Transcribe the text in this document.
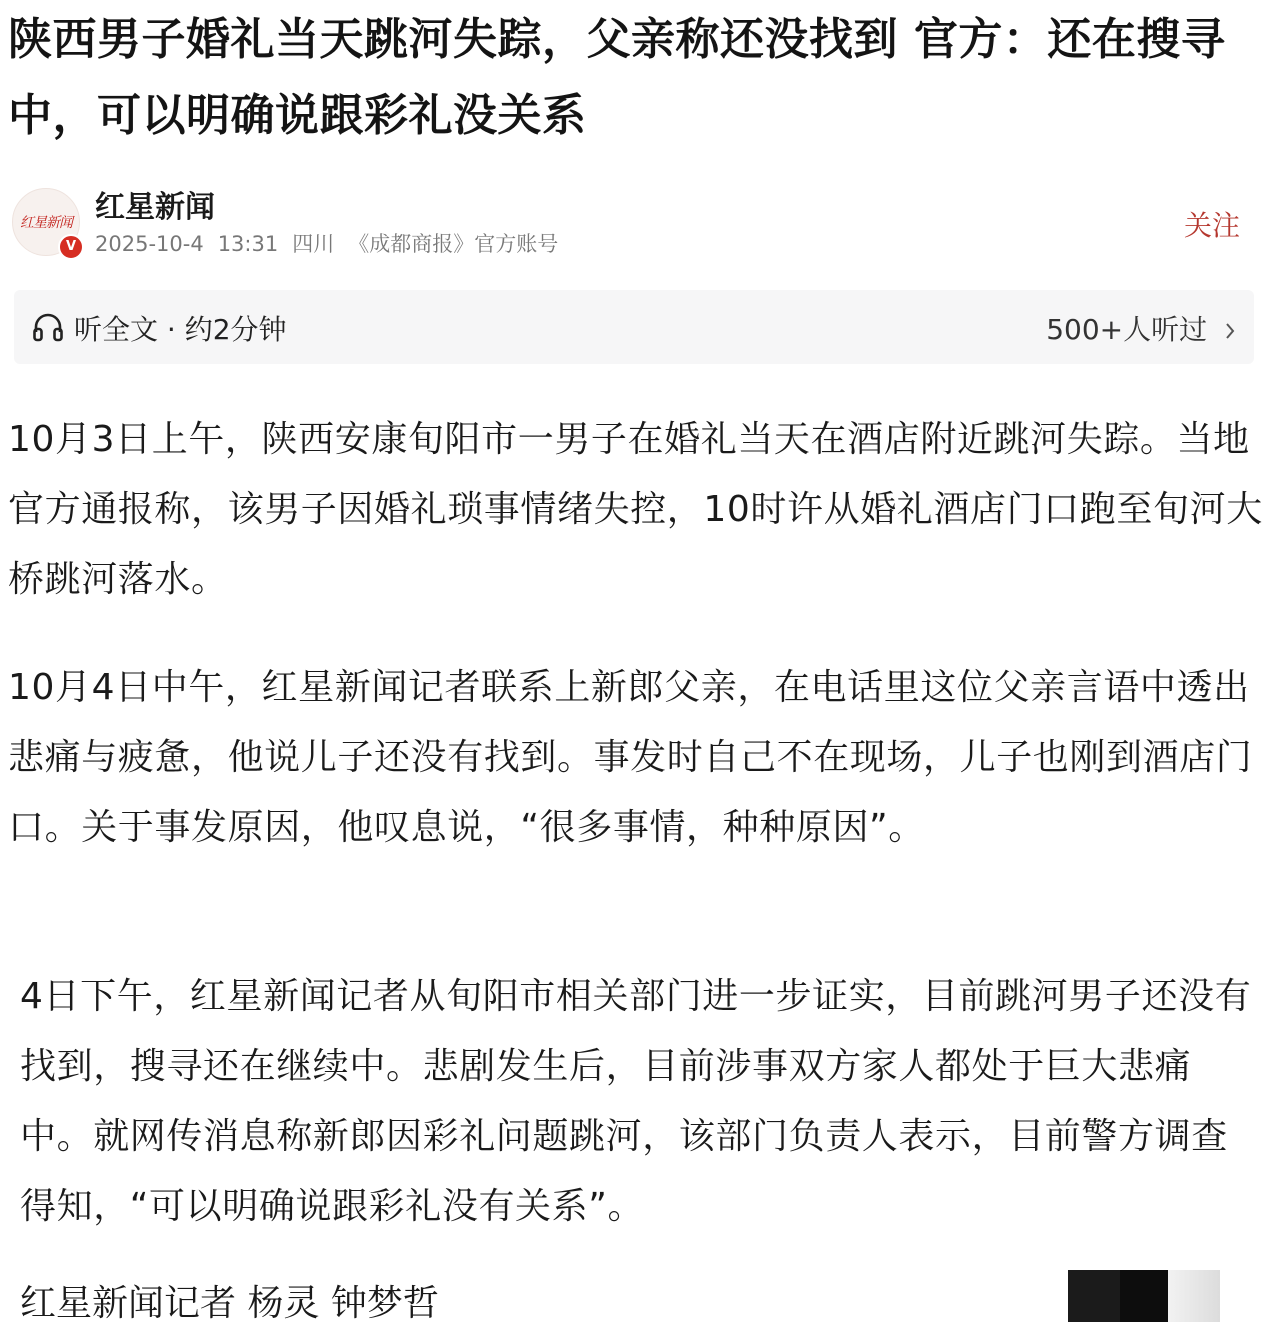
陕西男子婚礼当天跳河失踪，父亲称还没找到 官方：还在搜寻中，可以明确说跟彩礼没关系
红星新闻
V
红星新闻
2025-10-4 13:31 四川 《成都商报》官方账号
关注
听全文 · 约2分钟	500+人听过

10月3日上午，陕西安康旬阳市一男子在婚礼当天在酒店附近跳河失踪。当地官方通报称，该男子因婚礼琐事情绪失控，10时许从婚礼酒店门口跑至旬河大桥跳河落水。

10月4日中午，红星新闻记者联系上新郎父亲，在电话里这位父亲言语中透出悲痛与疲惫，他说儿子还没有找到。事发时自己不在现场，儿子也刚到酒店门口。关于事发原因，他叹息说，“很多事情，种种原因”。

4日下午，红星新闻记者从旬阳市相关部门进一步证实，目前跳河男子还没有找到，搜寻还在继续中。悲剧发生后，目前涉事双方家人都处于巨大悲痛中。就网传消息称新郎因彩礼问题跳河，该部门负责人表示，目前警方调查得知，“可以明确说跟彩礼没有关系”。

红星新闻记者 杨灵 钟梦哲
